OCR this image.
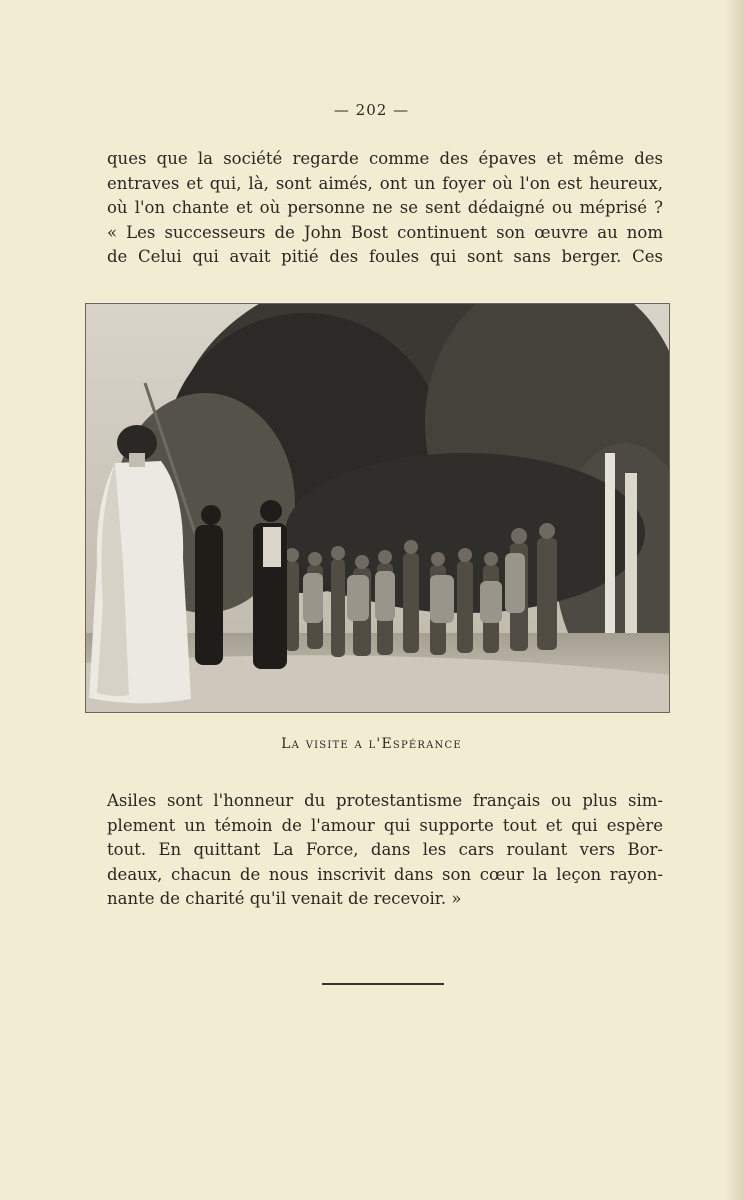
— 202 —
ques que la société regarde comme des épaves et même des
entraves et qui, là, sont aimés, ont un foyer où l'on est heureux,
où l'on chante et où personne ne se sent dédaigné ou méprisé ?
« Les successeurs de John Bost continuent son œuvre au nom
de Celui qui avait pitié des foules qui sont sans berger. Ces
La visite a l'Espérance
Asiles sont l'honneur du protestantisme français ou plus sim-
plement un témoin de l'amour qui supporte tout et qui espère
tout. En quittant La Force, dans les cars roulant vers Bor-
deaux, chacun de nous inscrivit dans son cœur la leçon rayon-
nante de charité qu'il venait de recevoir. »
